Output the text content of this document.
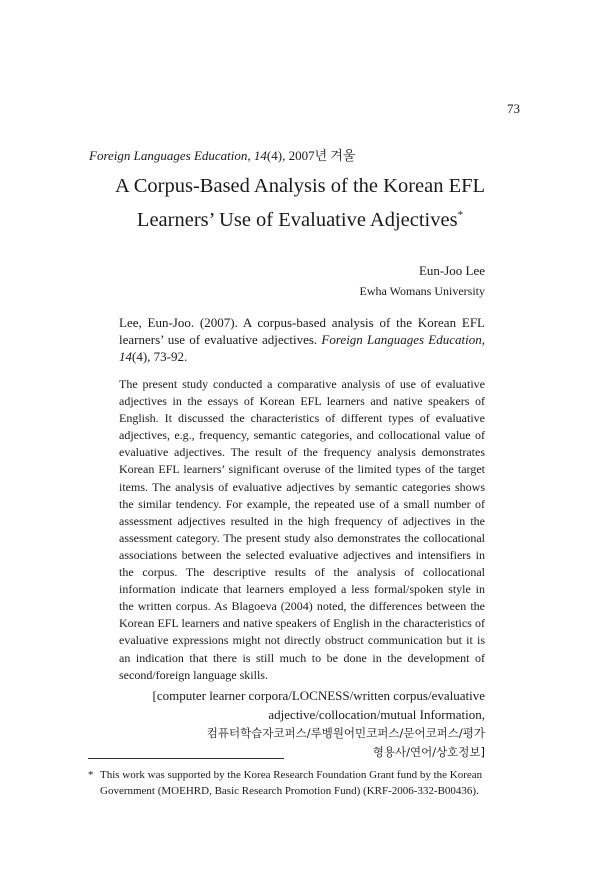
73
Foreign Languages Education, 14(4), 2007년 겨울
A Corpus-Based Analysis of the Korean EFL
Learners’ Use of Evaluative Adjectives*
Eun-Joo Lee
Ewha Womans University
Lee, Eun-Joo. (2007). A corpus-based analysis of the Korean EFL learners’ use of evaluative adjectives. Foreign Languages Education, 14(4), 73-92.
The present study conducted a comparative analysis of use of evaluative adjectives in the essays of Korean EFL learners and native speakers of English. It discussed the characteristics of different types of evaluative adjectives, e.g., frequency, semantic categories, and collocational value of evaluative adjectives. The result of the frequency analysis demonstrates Korean EFL learners’ significant overuse of the limited types of the target items. The analysis of evaluative adjectives by semantic categories shows the similar tendency. For example, the repeated use of a small number of assessment adjectives resulted in the high frequency of adjectives in the assessment category. The present study also demonstrates the collocational associations between the selected evaluative adjectives and intensifiers in the corpus. The descriptive results of the analysis of collocational information indicate that learners employed a less formal/spoken style in the written corpus. As Blagoeva (2004) noted, the differences between the Korean EFL learners and native speakers of English in the characteristics of evaluative expressions might not directly obstruct communication but it is an indication that there is still much to be done in the development of second/foreign language skills.
[computer learner corpora/LOCNESS/written corpus/evaluative
adjective/collocation/mutual Information,
컴퓨터학습자코퍼스/루벵원어민코퍼스/문어코퍼스/평가
형용사/연어/상호정보]
* This work was supported by the Korea Research Foundation Grant fund by the Korean
Government (MOEHRD, Basic Research Promotion Fund) (KRF-2006-332-B00436).
